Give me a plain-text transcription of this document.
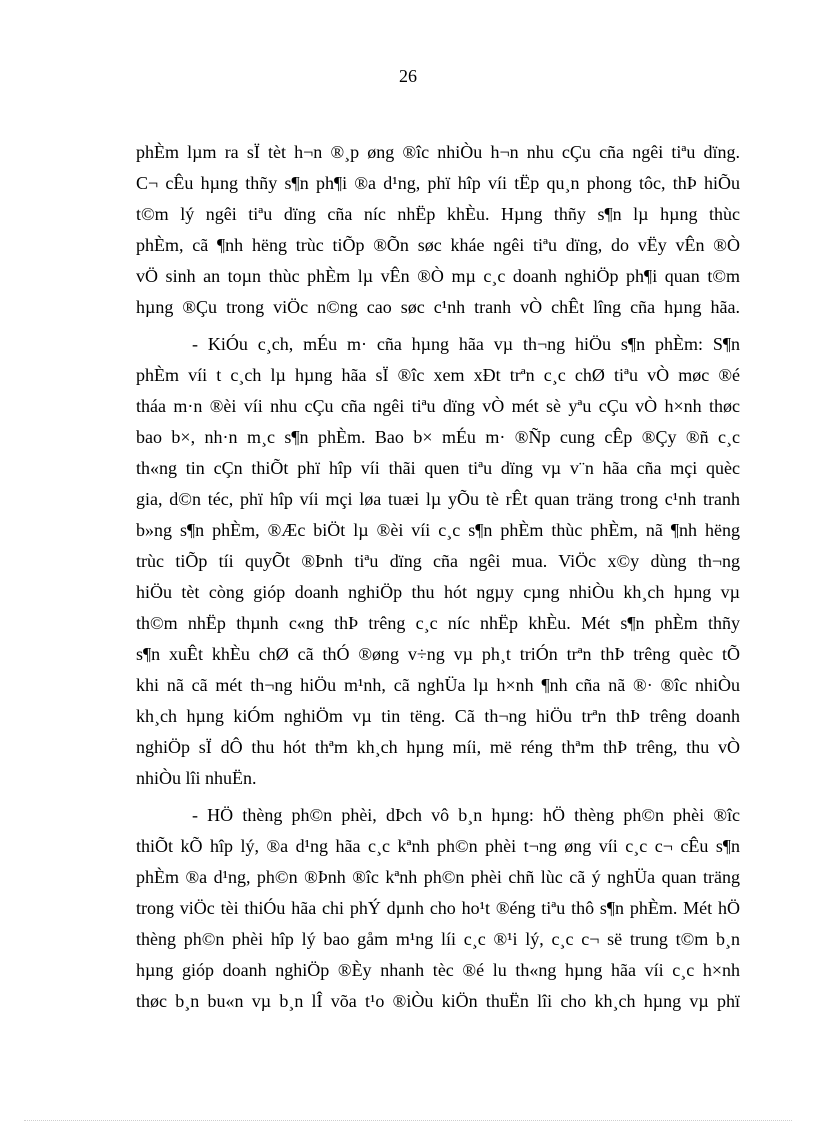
26

phÈm lµm ra sÏ tèt h¬n ®¸p øng ®îc nhiÒu h¬n nhu cÇu cña ngêi tiªu dïng.

C¬ cÊu hµng thñy s¶n ph¶i ®a d¹ng, phï hîp víi tËp qu¸n phong tôc, thÞ hiÕu

t©m lý ngêi tiªu dïng cña níc nhËp khÈu. Hµng thñy s¶n lµ hµng thùc

phÈm, cã ¶nh hëng trùc tiÕp ®Õn søc kháe ngêi tiªu dïng, do vËy vÊn ®Ò

vÖ sinh an toµn thùc phÈm lµ vÊn ®Ò mµ c¸c doanh nghiÖp ph¶i quan t©m

hµng ®Çu trong viÖc n©ng cao søc c¹nh tranh vÒ chÊt lîng cña hµng hãa.

- KiÓu c¸ch, mÉu m· cña hµng hãa vµ th¬ng hiÖu s¶n phÈm: S¶n

phÈm víi t c¸ch lµ hµng hãa sÏ ®îc xem xÐt trªn c¸c chØ tiªu vÒ møc ®é

tháa m·n ®èi víi nhu cÇu cña ngêi tiªu dïng vÒ mét sè yªu cÇu vÒ h×nh thøc

bao b×, nh·n m¸c s¶n phÈm. Bao b× mÉu m· ®Ñp cung cÊp ®Çy ®ñ c¸c

th«ng tin cÇn thiÕt phï hîp víi thãi quen tiªu dïng vµ v¨n hãa cña mçi quèc

gia, d©n téc, phï hîp víi mçi løa tuæi lµ yÕu tè rÊt quan träng trong c¹nh tranh

b»ng s¶n phÈm, ®Æc biÖt lµ ®èi víi c¸c s¶n phÈm thùc phÈm, nã ¶nh hëng

trùc tiÕp tíi quyÕt ®Þnh tiªu dïng cña ngêi mua. ViÖc x©y dùng th¬ng

hiÖu tèt còng gióp doanh nghiÖp thu hót ngµy cµng nhiÒu kh¸ch hµng vµ

th©m nhËp thµnh c«ng thÞ trêng c¸c níc nhËp khÈu. Mét s¶n phÈm thñy

s¶n xuÊt khÈu chØ cã thÓ ®øng v÷ng vµ ph¸t triÓn trªn thÞ trêng quèc tÕ

khi nã cã mét th¬ng hiÖu m¹nh, cã nghÜa lµ h×nh ¶nh cña nã ®· ®îc nhiÒu

kh¸ch hµng kiÓm nghiÖm vµ tin tëng. Cã th¬ng hiÖu trªn thÞ trêng doanh

nghiÖp sÏ dÔ thu hót thªm kh¸ch hµng míi, më réng thªm thÞ trêng, thu vÒ

nhiÒu lîi nhuËn.

- HÖ thèng ph©n phèi, dÞch vô b¸n hµng: hÖ thèng ph©n phèi ®îc

thiÕt kÕ hîp lý, ®a d¹ng hãa c¸c kªnh ph©n phèi t¬ng øng víi c¸c c¬ cÊu s¶n

phÈm ®a d¹ng, ph©n ®Þnh ®îc kªnh ph©n phèi chñ lùc cã ý nghÜa quan träng

trong viÖc tèi thiÓu hãa chi phÝ dµnh cho ho¹t ®éng tiªu thô s¶n phÈm. Mét hÖ

thèng ph©n phèi hîp lý bao gåm m¹ng líi c¸c ®¹i lý, c¸c c¬ së trung t©m b¸n

hµng gióp doanh nghiÖp ®Èy nhanh tèc ®é lu th«ng hµng hãa víi c¸c h×nh

thøc b¸n bu«n vµ b¸n lÎ võa t¹o ®iÒu kiÖn thuËn lîi cho kh¸ch hµng vµ phï
